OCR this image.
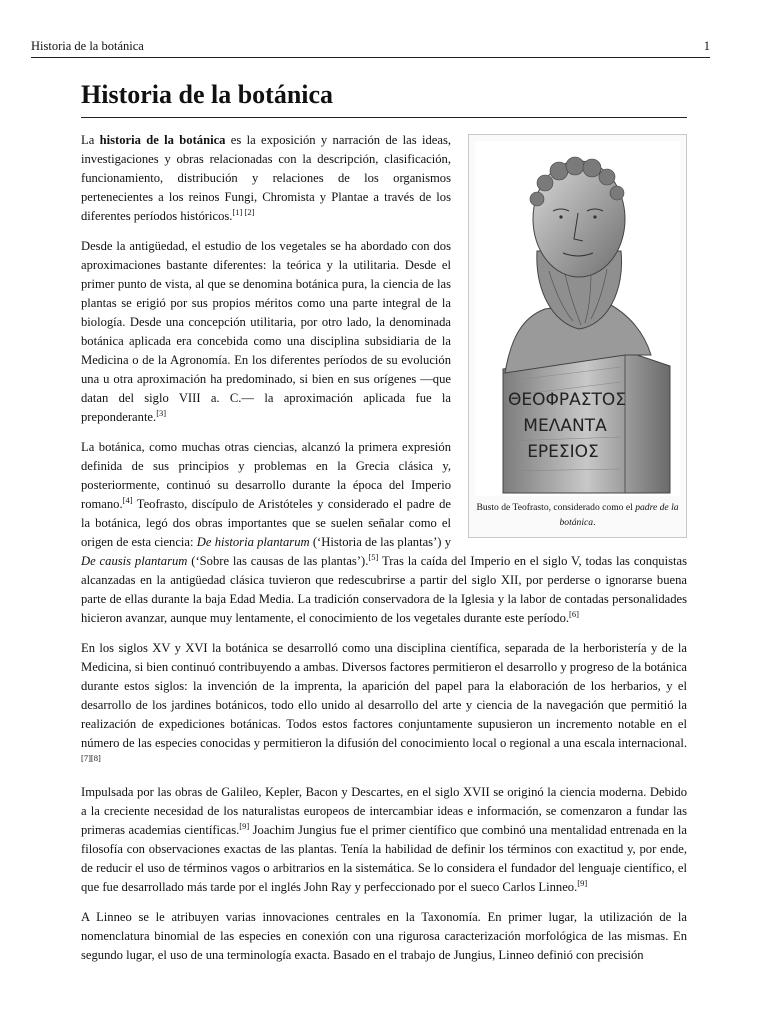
Historia de la botánica	1
Historia de la botánica
ΘΕΟΦΡΑΣΤΟΣ
ΜΕΛΑΝΤΑ
ΕΡΕΣΙΟΣ
Busto de Teofrasto, considerado como el padre de la botánica.

La historia de la botánica es la exposición y narración de las ideas, investigaciones y obras relacionadas con la descripción, clasificación, funcionamiento, distribución y relaciones de los organismos pertenecientes a los reinos Fungi, Chromista y Plantae a través de los diferentes períodos históricos.[1] [2]

Desde la antigüedad, el estudio de los vegetales se ha abordado con dos aproximaciones bastante diferentes: la teórica y la utilitaria. Desde el primer punto de vista, al que se denomina botánica pura, la ciencia de las plantas se erigió por sus propios méritos como una parte integral de la biología. Desde una concepción utilitaria, por otro lado, la denominada botánica aplicada era concebida como una disciplina subsidiaria de la Medicina o de la Agronomía. En los diferentes períodos de su evolución una u otra aproximación ha predominado, si bien en sus orígenes —que datan del siglo VIII a. C.— la aproximación aplicada fue la preponderante.[3]

La botánica, como muchas otras ciencias, alcanzó la primera expresión definida de sus principios y problemas en la Grecia clásica y, posteriormente, continuó su desarrollo durante la época del Imperio romano.[4] Teofrasto, discípulo de Aristóteles y considerado el padre de la botánica, legó dos obras importantes que se suelen señalar como el origen de esta ciencia: De historia plantarum (‘Historia de las plantas’) y De causis plantarum (‘Sobre las causas de las plantas’).[5] Tras la caída del Imperio en el siglo V, todas las conquistas alcanzadas en la antigüedad clásica tuvieron que redescubrirse a partir del siglo XII, por perderse o ignorarse buena parte de ellas durante la baja Edad Media. La tradición conservadora de la Iglesia y la labor de contadas personalidades hicieron avanzar, aunque muy lentamente, el conocimiento de los vegetales durante este período.[6]

En los siglos XV y XVI la botánica se desarrolló como una disciplina científica, separada de la herboristería y de la Medicina, si bien continuó contribuyendo a ambas. Diversos factores permitieron el desarrollo y progreso de la botánica durante estos siglos: la invención de la imprenta, la aparición del papel para la elaboración de los herbarios, y el desarrollo de los jardines botánicos, todo ello unido al desarrollo del arte y ciencia de la navegación que permitió la realización de expediciones botánicas. Todos estos factores conjuntamente supusieron un incremento notable en el número de las especies conocidas y permitieron la difusión del conocimiento local o regional a una escala internacional.[7][8]

Impulsada por las obras de Galileo, Kepler, Bacon y Descartes, en el siglo XVII se originó la ciencia moderna. Debido a la creciente necesidad de los naturalistas europeos de intercambiar ideas e información, se comenzaron a fundar las primeras academias científicas.[9] Joachim Jungius fue el primer científico que combinó una mentalidad entrenada en la filosofía con observaciones exactas de las plantas. Tenía la habilidad de definir los términos con exactitud y, por ende, de reducir el uso de términos vagos o arbitrarios en la sistemática. Se lo considera el fundador del lenguaje científico, el que fue desarrollado más tarde por el inglés John Ray y perfeccionado por el sueco Carlos Linneo.[9]

A Linneo se le atribuyen varias innovaciones centrales en la Taxonomía. En primer lugar, la utilización de la nomenclatura binomial de las especies en conexión con una rigurosa caracterización morfológica de las mismas. En segundo lugar, el uso de una terminología exacta. Basado en el trabajo de Jungius, Linneo definió con precisión
